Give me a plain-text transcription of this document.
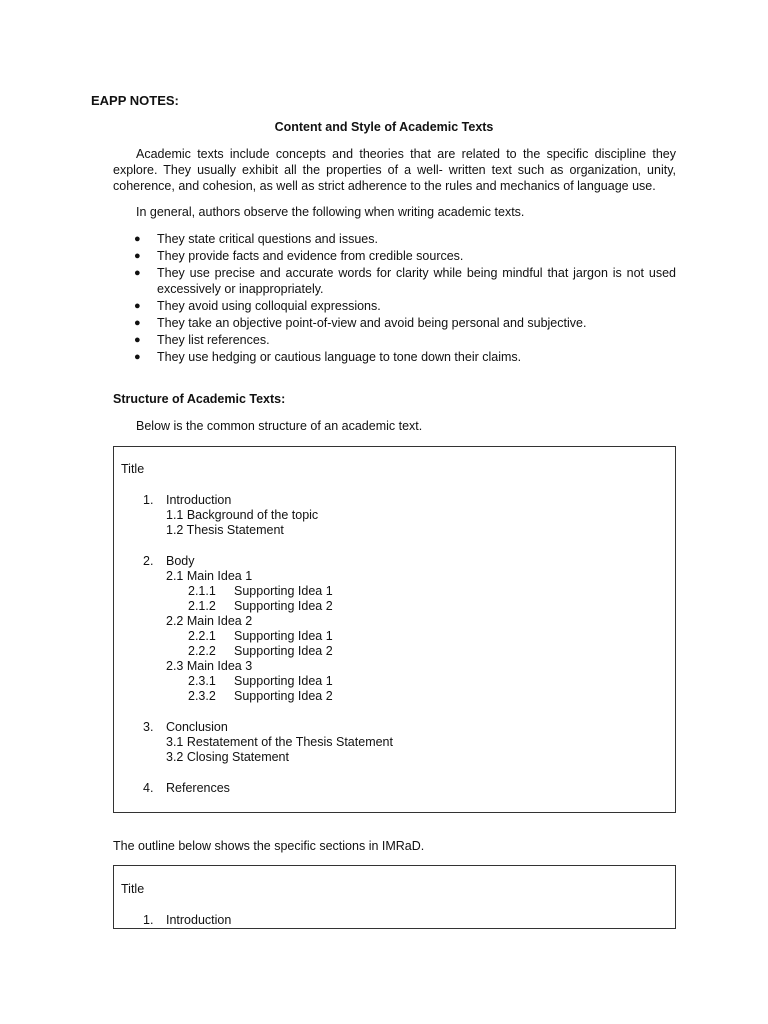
EAPP NOTES:
Content and Style of Academic Texts
Academic texts include concepts and theories that are related to the specific discipline they explore. They usually exhibit all the properties of a well- written text such as organization, unity, coherence, and cohesion, as well as strict adherence to the rules and mechanics of language use.
In general, authors observe the following when writing academic texts.
● They state critical questions and issues.
● They provide facts and evidence from credible sources.
● They use precise and accurate words for clarity while being mindful that jargon is not used excessively or inappropriately.
● They avoid using colloquial expressions.
● They take an objective point-of-view and avoid being personal and subjective.
● They list references.
● They use hedging or cautious language to tone down their claims.
Structure of Academic Texts:
Below is the common structure of an academic text.
Title
1. Introduction
1.1 Background of the topic
1.2 Thesis Statement
2. Body
2.1 Main Idea 1
2.1.1 Supporting Idea 1
2.1.2 Supporting Idea 2
2.2 Main Idea 2
2.2.1 Supporting Idea 1
2.2.2 Supporting Idea 2
2.3 Main Idea 3
2.3.1 Supporting Idea 1
2.3.2 Supporting Idea 2
3. Conclusion
3.1 Restatement of the Thesis Statement
3.2 Closing Statement
4. References
The outline below shows the specific sections in IMRaD.
Title
1. Introduction
